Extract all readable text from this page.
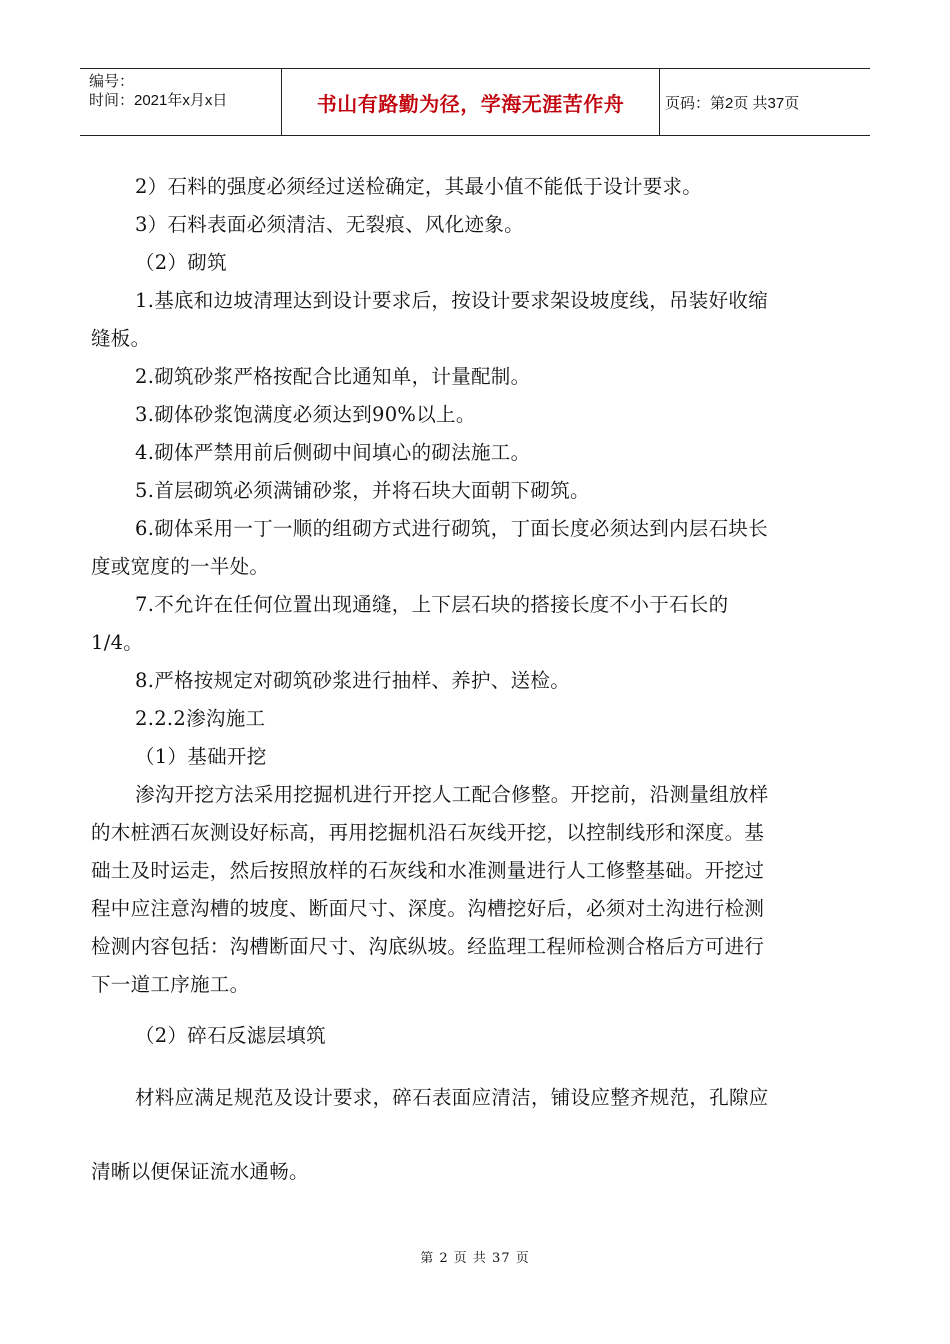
编号：
时间：2021年x月x日	书山有路勤为径，学海无涯苦作舟	页码：第2页 共37页
2）石料的强度必须经过送检确定，其最小值不能低于设计要求。
3）石料表面必须清洁、无裂痕、风化迹象。
（2）砌筑
1.基底和边坡清理达到设计要求后，按设计要求架设坡度线，吊装好收缩
缝板。
2.砌筑砂浆严格按配合比通知单，计量配制。
3.砌体砂浆饱满度必须达到90%以上。
4.砌体严禁用前后侧砌中间填心的砌法施工。
5.首层砌筑必须满铺砂浆，并将石块大面朝下砌筑。
6.砌体采用一丁一顺的组砌方式进行砌筑，丁面长度必须达到内层石块长
度或宽度的一半处。
7.不允许在任何位置出现通缝，上下层石块的搭接长度不小于石长的
1/4。
8.严格按规定对砌筑砂浆进行抽样、养护、送检。
2.2.2渗沟施工
（1）基础开挖
渗沟开挖方法采用挖掘机进行开挖人工配合修整。开挖前，沿测量组放样
的木桩洒石灰测设好标高，再用挖掘机沿石灰线开挖，以控制线形和深度。基
础土及时运走，然后按照放样的石灰线和水准测量进行人工修整基础。开挖过
程中应注意沟槽的坡度、断面尺寸、深度。沟槽挖好后，必须对土沟进行检测
检测内容包括：沟槽断面尺寸、沟底纵坡。经监理工程师检测合格后方可进行
下一道工序施工。
（2）碎石反滤层填筑
材料应满足规范及设计要求，碎石表面应清洁，铺设应整齐规范，孔隙应
清晰以便保证流水通畅。
第 2 页 共 37 页
